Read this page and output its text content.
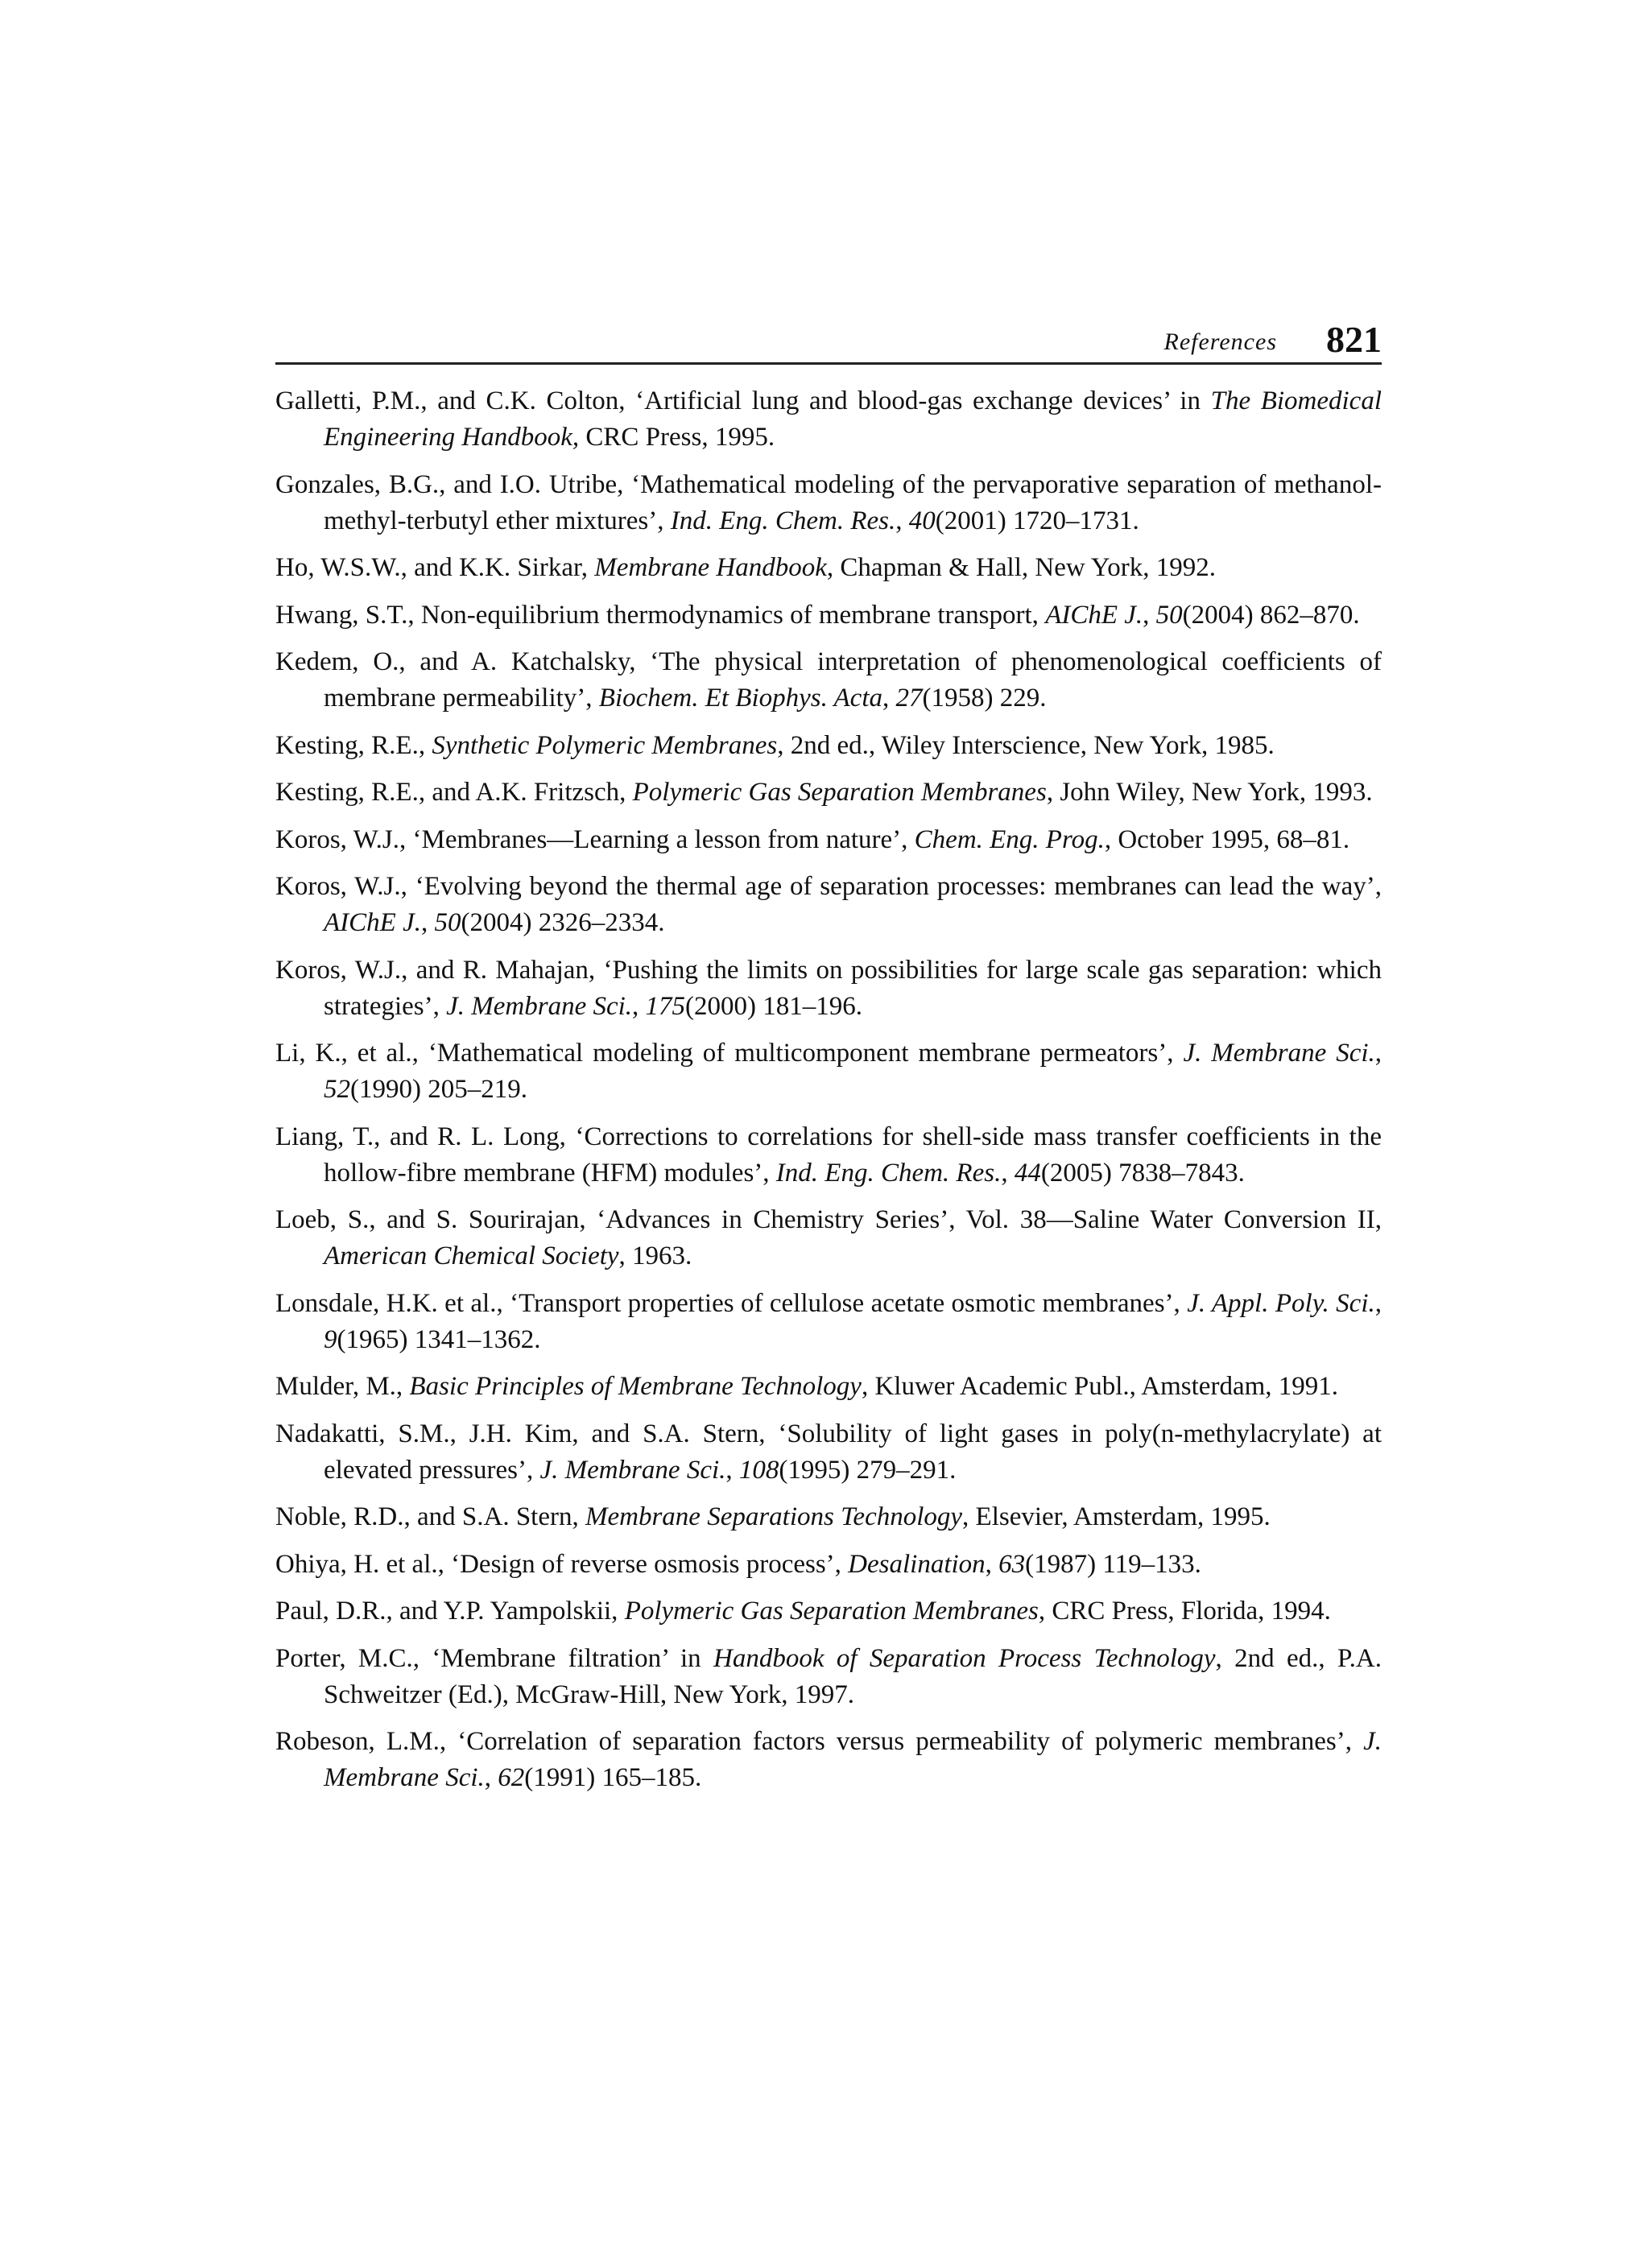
References 821
Galletti, P.M., and C.K. Colton, ‘Artificial lung and blood-gas exchange devices’ in The Biomedical Engineering Handbook, CRC Press, 1995.
Gonzales, B.G., and I.O. Utribe, ‘Mathematical modeling of the pervaporative separation of methanol-methyl-terbutyl ether mixtures’, Ind. Eng. Chem. Res., 40(2001) 1720–1731.
Ho, W.S.W., and K.K. Sirkar, Membrane Handbook, Chapman & Hall, New York, 1992.
Hwang, S.T., Non-equilibrium thermodynamics of membrane transport, AIChE J., 50(2004) 862–870.
Kedem, O., and A. Katchalsky, ‘The physical interpretation of phenomenological coefficients of membrane permeability’, Biochem. Et Biophys. Acta, 27(1958) 229.
Kesting, R.E., Synthetic Polymeric Membranes, 2nd ed., Wiley Interscience, New York, 1985.
Kesting, R.E., and A.K. Fritzsch, Polymeric Gas Separation Membranes, John Wiley, New York, 1993.
Koros, W.J., ‘Membranes—Learning a lesson from nature’, Chem. Eng. Prog., October 1995, 68–81.
Koros, W.J., ‘Evolving beyond the thermal age of separation processes: membranes can lead the way’, AIChE J., 50(2004) 2326–2334.
Koros, W.J., and R. Mahajan, ‘Pushing the limits on possibilities for large scale gas separation: which strategies’, J. Membrane Sci., 175(2000) 181–196.
Li, K., et al., ‘Mathematical modeling of multicomponent membrane permeators’, J. Membrane Sci., 52(1990) 205–219.
Liang, T., and R. L. Long, ‘Corrections to correlations for shell-side mass transfer coefficients in the hollow-fibre membrane (HFM) modules’, Ind. Eng. Chem. Res., 44(2005) 7838–7843.
Loeb, S., and S. Sourirajan, ‘Advances in Chemistry Series’, Vol. 38—Saline Water Conversion II, American Chemical Society, 1963.
Lonsdale, H.K. et al., ‘Transport properties of cellulose acetate osmotic membranes’, J. Appl. Poly. Sci., 9(1965) 1341–1362.
Mulder, M., Basic Principles of Membrane Technology, Kluwer Academic Publ., Amsterdam, 1991.
Nadakatti, S.M., J.H. Kim, and S.A. Stern, ‘Solubility of light gases in poly(n-methylacrylate) at elevated pressures’, J. Membrane Sci., 108(1995) 279–291.
Noble, R.D., and S.A. Stern, Membrane Separations Technology, Elsevier, Amsterdam, 1995.
Ohiya, H. et al., ‘Design of reverse osmosis process’, Desalination, 63(1987) 119–133.
Paul, D.R., and Y.P. Yampolskii, Polymeric Gas Separation Membranes, CRC Press, Florida, 1994.
Porter, M.C., ‘Membrane filtration’ in Handbook of Separation Process Technology, 2nd ed., P.A. Schweitzer (Ed.), McGraw-Hill, New York, 1997.
Robeson, L.M., ‘Correlation of separation factors versus permeability of polymeric membranes’, J. Membrane Sci., 62(1991) 165–185.
